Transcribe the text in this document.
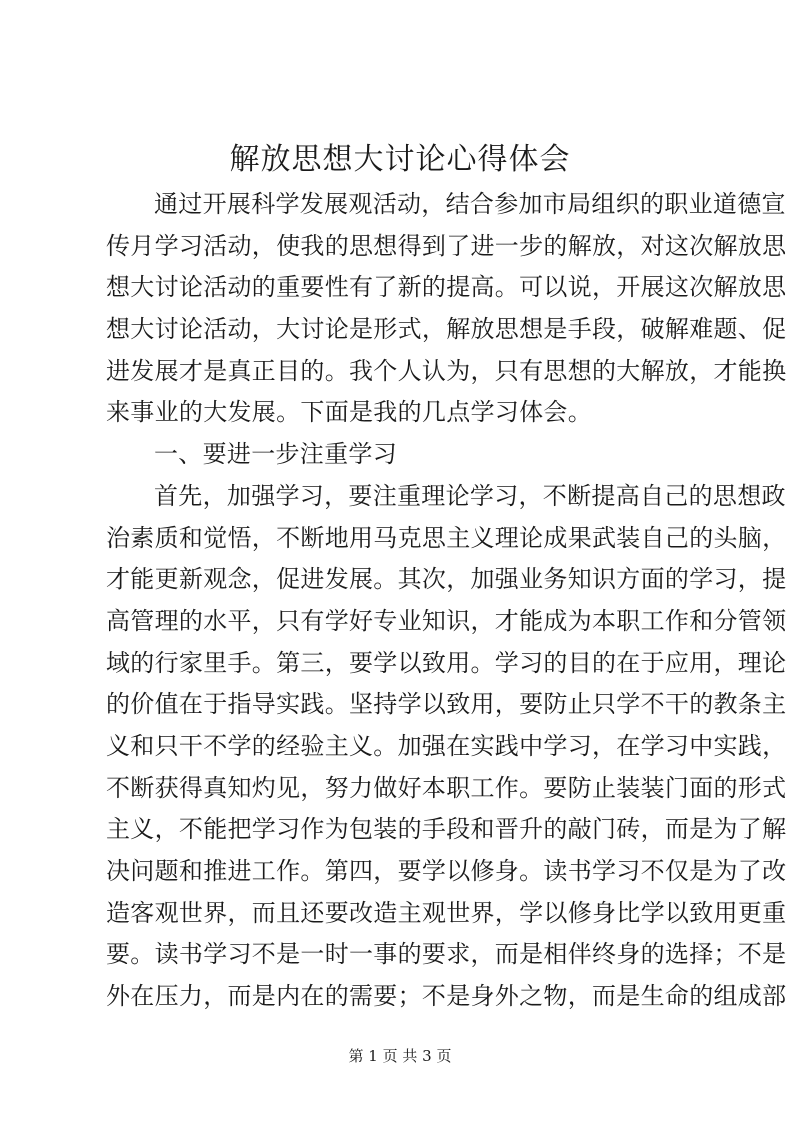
解放思想大讨论心得体会
通过开展科学发展观活动，结合参加市局组织的职业道德宣
传月学习活动，使我的思想得到了进一步的解放，对这次解放思
想大讨论活动的重要性有了新的提高。可以说，开展这次解放思
想大讨论活动，大讨论是形式，解放思想是手段，破解难题、促
进发展才是真正目的。我个人认为，只有思想的大解放，才能换
来事业的大发展。下面是我的几点学习体会。
一、要进一步注重学习
首先，加强学习，要注重理论学习，不断提高自己的思想政
治素质和觉悟，不断地用马克思主义理论成果武装自己的头脑，
才能更新观念，促进发展。其次，加强业务知识方面的学习，提
高管理的水平，只有学好专业知识，才能成为本职工作和分管领
域的行家里手。第三，要学以致用。学习的目的在于应用，理论
的价值在于指导实践。坚持学以致用，要防止只学不干的教条主
义和只干不学的经验主义。加强在实践中学习，在学习中实践，
不断获得真知灼见，努力做好本职工作。要防止装装门面的形式
主义，不能把学习作为包装的手段和晋升的敲门砖，而是为了解
决问题和推进工作。第四，要学以修身。读书学习不仅是为了改
造客观世界，而且还要改造主观世界，学以修身比学以致用更重
要。读书学习不是一时一事的要求，而是相伴终身的选择；不是
外在压力，而是内在的需要；不是身外之物，而是生命的组成部
第 1 页 共 3 页
